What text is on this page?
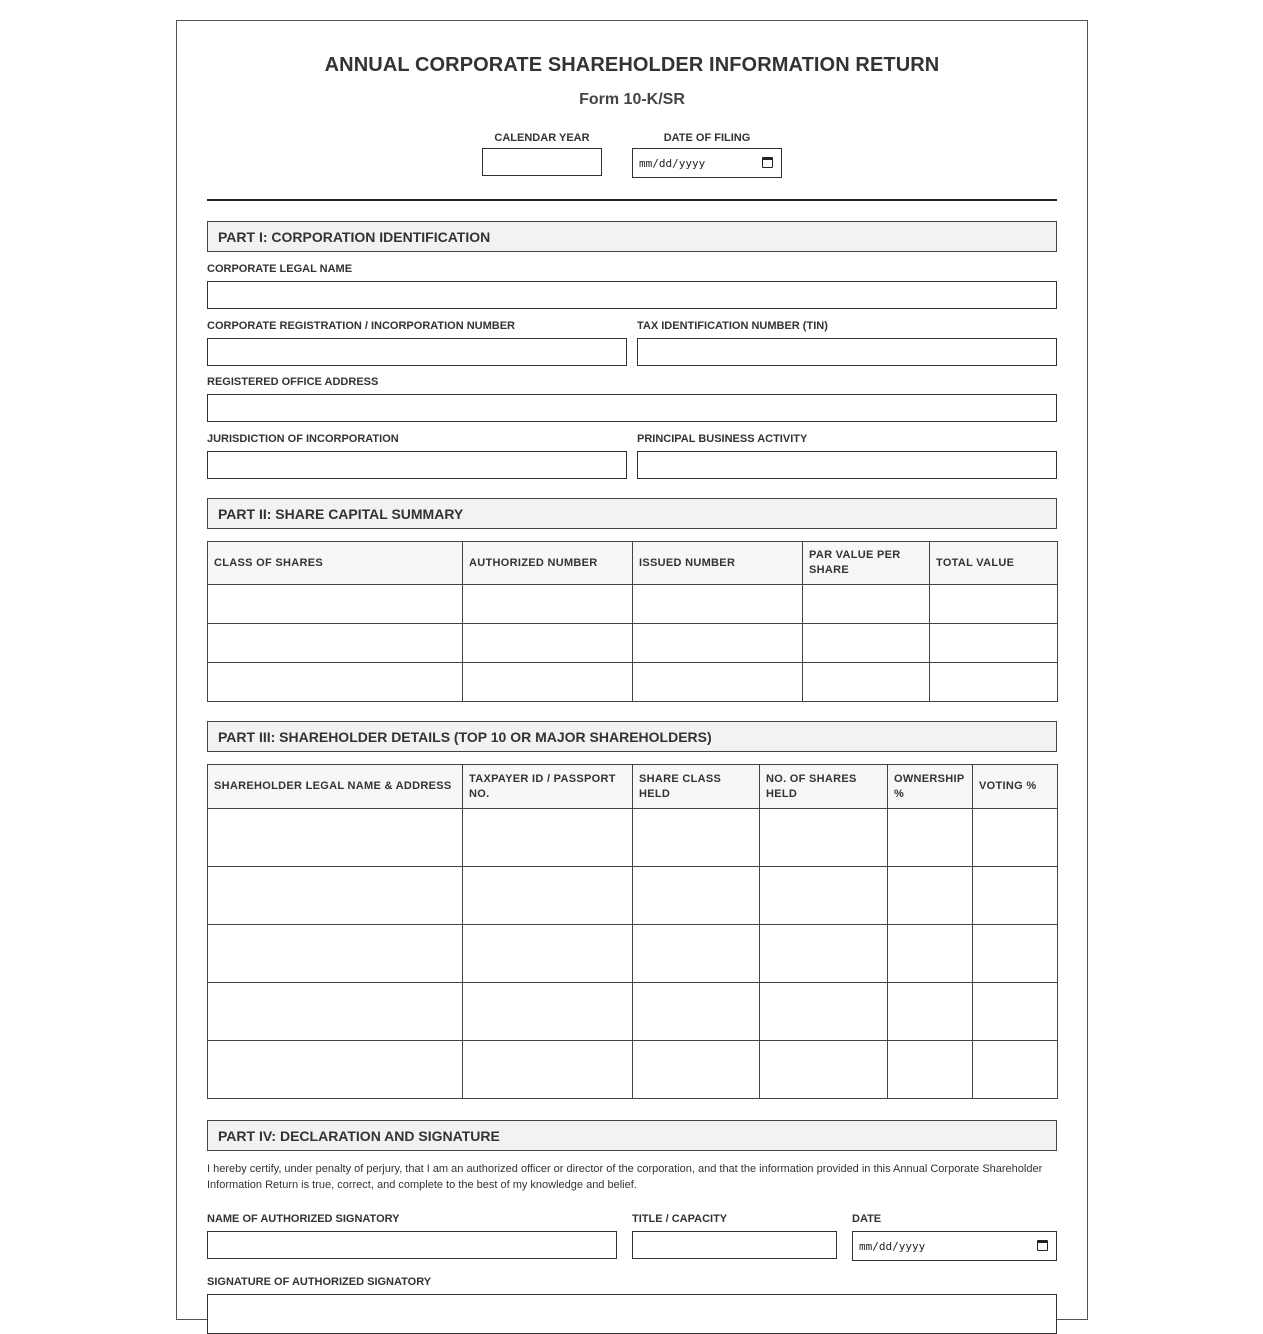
ANNUAL CORPORATE SHAREHOLDER INFORMATION RETURN
Form 10-K/SR
CALENDAR YEAR	DATE OF FILING
mm/dd/yyyy
PART I: CORPORATION IDENTIFICATION
CORPORATE LEGAL NAME
CORPORATE REGISTRATION / INCORPORATION NUMBER	TAX IDENTIFICATION NUMBER (TIN)
REGISTERED OFFICE ADDRESS
JURISDICTION OF INCORPORATION	PRINCIPAL BUSINESS ACTIVITY
PART II: SHARE CAPITAL SUMMARY
CLASS OF SHARES	AUTHORIZED NUMBER	ISSUED NUMBER	PAR VALUE PER SHARE	TOTAL VALUE

PART III: SHAREHOLDER DETAILS (TOP 10 OR MAJOR SHAREHOLDERS)
SHAREHOLDER LEGAL NAME & ADDRESS	TAXPAYER ID / PASSPORT NO.	SHARE CLASS HELD	NO. OF SHARES HELD	OWNERSHIP %	VOTING %

PART IV: DECLARATION AND SIGNATURE
I hereby certify, under penalty of perjury, that I am an authorized officer or director of the corporation, and that the information provided in this Annual Corporate Shareholder Information Return is true, correct, and complete to the best of my knowledge and belief.
NAME OF AUTHORIZED SIGNATORY	TITLE / CAPACITY	DATE
mm/dd/yyyy
SIGNATURE OF AUTHORIZED SIGNATORY
